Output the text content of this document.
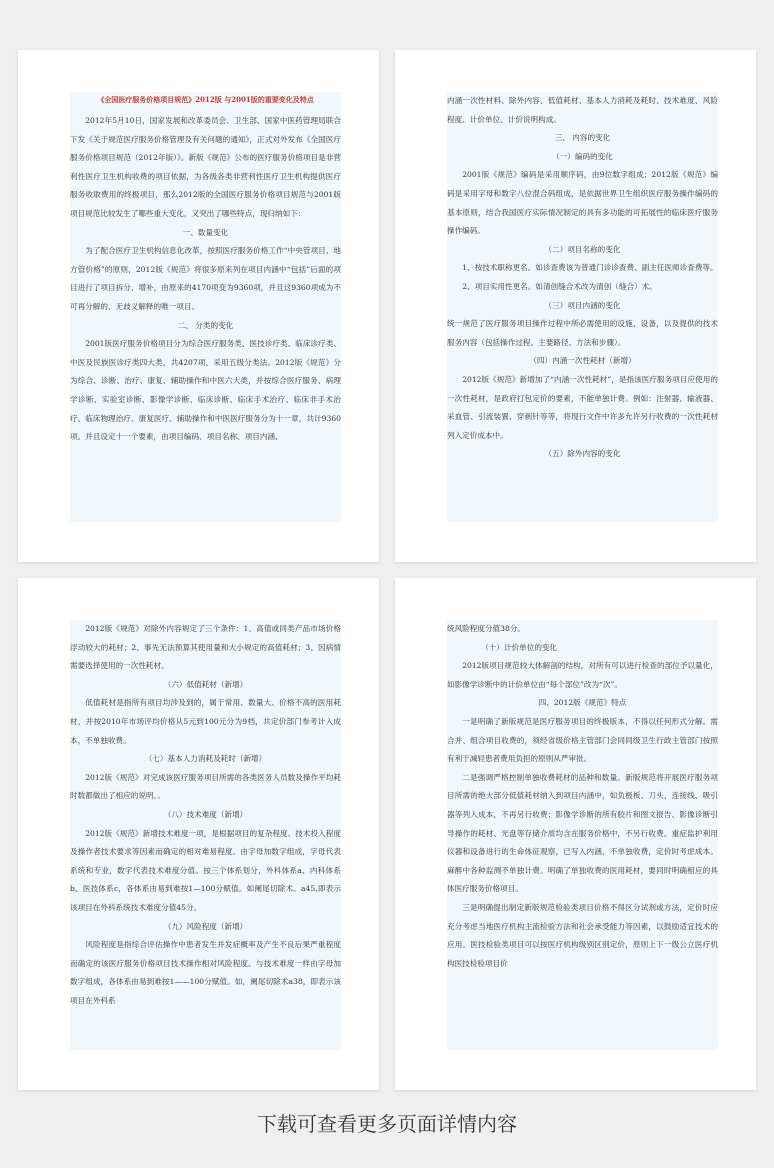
《全国医疗服务价格项目规范》2012版 与2001版的重要变化及特点

2012年5月10日，国家发展和改革委员会、卫生部、国家中医药管理局联合下发《关于规范医疗服务价格管理及有关问题的通知》，正式对外发布《全国医疗服务价格项目规范（2012年版）》。新版《规范》公布的医疗服务价格项目是非营利性医疗卫生机构收费的项目依据，为各级各类非营利性医疗卫生机构提供医疗服务收取费用的终极项目，那么2012版的全国医疗服务价格项目规范与2001版项目规范比较发生了哪些重大变化，又突出了哪些特点，现归纳如下：

一、数量变化

为了配合医疗卫生机构信息化改革，按照医疗服务价格工作“中央管项目、地方管价格”的原则，2012版《规范》将很多原来列在项目内涵中“包括”后面的项目进行了项目拆分、增补，由原来的4170项变为9360项，并且这9360项成为不可再分解的、无歧义解释的唯一项目。

二、 分类的变化

2001版医疗服务价格项目分为综合医疗服务类、医技诊疗类、临床诊疗类、中医及民族医诊疗类四大类，共4207项，采用五级分类法。2012版《规范》分为综合、诊断、治疗、康复、辅助操作和中医六大类，并按综合医疗服务、病理学诊断、实验室诊断、影像学诊断、临床诊断、临床手术治疗、临床非手术治疗、临床物理治疗、康复医疗、辅助操作和中医医疗服务分为十一章，共计9360项。并且设定十一个要素，由项目编码、项目名称、项目内涵、

内涵一次性材料、除外内容、低值耗材、基本人力消耗及耗时、技术难度、风险程度、计价单位、计价说明构成。

三、 内容的变化

（一）编码的变化

2001版《规范》编码是采用顺序码，由9位数字组成；2012版《规范》编码是采用字母和数字八位混合码组成，是依据世界卫生组织医疗服务操作编码的基本原则，结合我国医疗实际情况制定的具有多功能的可拓展性的临床医疗服务操作编码。

（二）项目名称的变化

1、按技术职称更名。如诊查费该为普通门诊诊查费、副主任医师诊查费等。

2、项目实用性更名。如清创缝合术改为清创（缝合）术。

（三）项目内涵的变化

统一规范了医疗服务项目操作过程中所必需使用的设施、设备，以及提供的技术服务内容（包括操作过程、主要路径、方法和步骤）。

（四）内涵一次性耗材（新增）

2012版《规范》新增加了“内涵一次性耗材”，是指该医疗服务项目应使用的一次性耗材，是政府打包定价的要素，不能单独计费。例如：注射器、输液器、采血管、引流装置、穿刺针等等，将现行文件中许多允许另行收费的一次性耗材列入定价成本中。

（五）除外内容的变化

2012版《规范》对除外内容规定了三个条件：1、高值或同类产品市场价格浮动较大的耗材；2、事先无法预算其使用量和大小规定的高值耗材；3、因病情需要选择使用的一次性耗材。

（六）低值耗材（新增）

低值耗材是指所有项目均涉及到的，属于常用、数量大、价格不高的医用耗材，并按2010年市场评均价格从5元到100元分为9档，共定价部门参考计入成本，不单独收费。

（七）基本人力消耗及耗时（新增）

2012版《规范》对完成该医疗服务项目所需的各类医务人员数及操作平均耗时数都做出了相应的说明。。

（八）技术难度（新增）

2012版《规范》新增技术难度一项，是根据项目的复杂程度、技术投入程度及操作者技术要求等因素而确定的相对难易程度。由字母加数字组成，字母代表系统和专业，数字代表技术难度分值。按三个体系划分，外科体系a、内科体系b、医技体系c，各体系由易到难按1—100分赋值。如阑尾切除术。a45,即表示该项目在外科系统技术难度分值45分。

（九）风险程度（新增）

风险程度是指综合评估操作中患者发生并发症概率及产生不良后果严重程度而确定的该医疗服务价格项目技术操作相对风险程度。与技术难度一样由字母加数字组成，各体系由易到难按1——100分赋值。如，阑尾切除术a38，即表示该项目在外科系

统风险程度分值38分。

（十）计价单位的变化

2012版项目规范较大体解剖的结构，对所有可以进行检查的部位予以量化，如影像学诊断中的计价单位由“每个部位”改为“次”。

四、2012版《规范》特点

一是明确了新版规范是医疗服务项目的终极版本，不得以任何形式分解。需合并、组合项目收费的，须经省级价格主管部门会同同级卫生行政主管部门按照有利于减轻患者费用负担的原则从严审批。

二是强调严格控制单独收费耗材的品种和数量。新版规范将开展医疗服务项目所需的绝大部分低值耗材纳入到项目内涵中，如负极板、刀头、连接线、吸引器等列入成本，不再另行收费；影像学诊断的所有胶片和图文报告、影像诊断引导操作的耗材、光盘等存储介质均含在服务价格中，不另行收费。重症监护利用仪器和设备进行的生命体征观察，已写入内涵，不单独收费，定价时考虑成本。麻醉中各种监测不单独计费。明确了单独收费的医用耗材，要同时明确相应的具体医疗服务价格项目。

三是明确提出制定新版规范检验类项目价格不得区分试剂或方法，定价时应充分考虑当地医疗机构主流检验方法和社会承受能力等因素，以鼓励适宜技术的应用。医技检验类项目可以按医疗机构级别区别定价，原则上下一级公立医疗机构医技检验项目价

下载可查看更多页面详情内容
